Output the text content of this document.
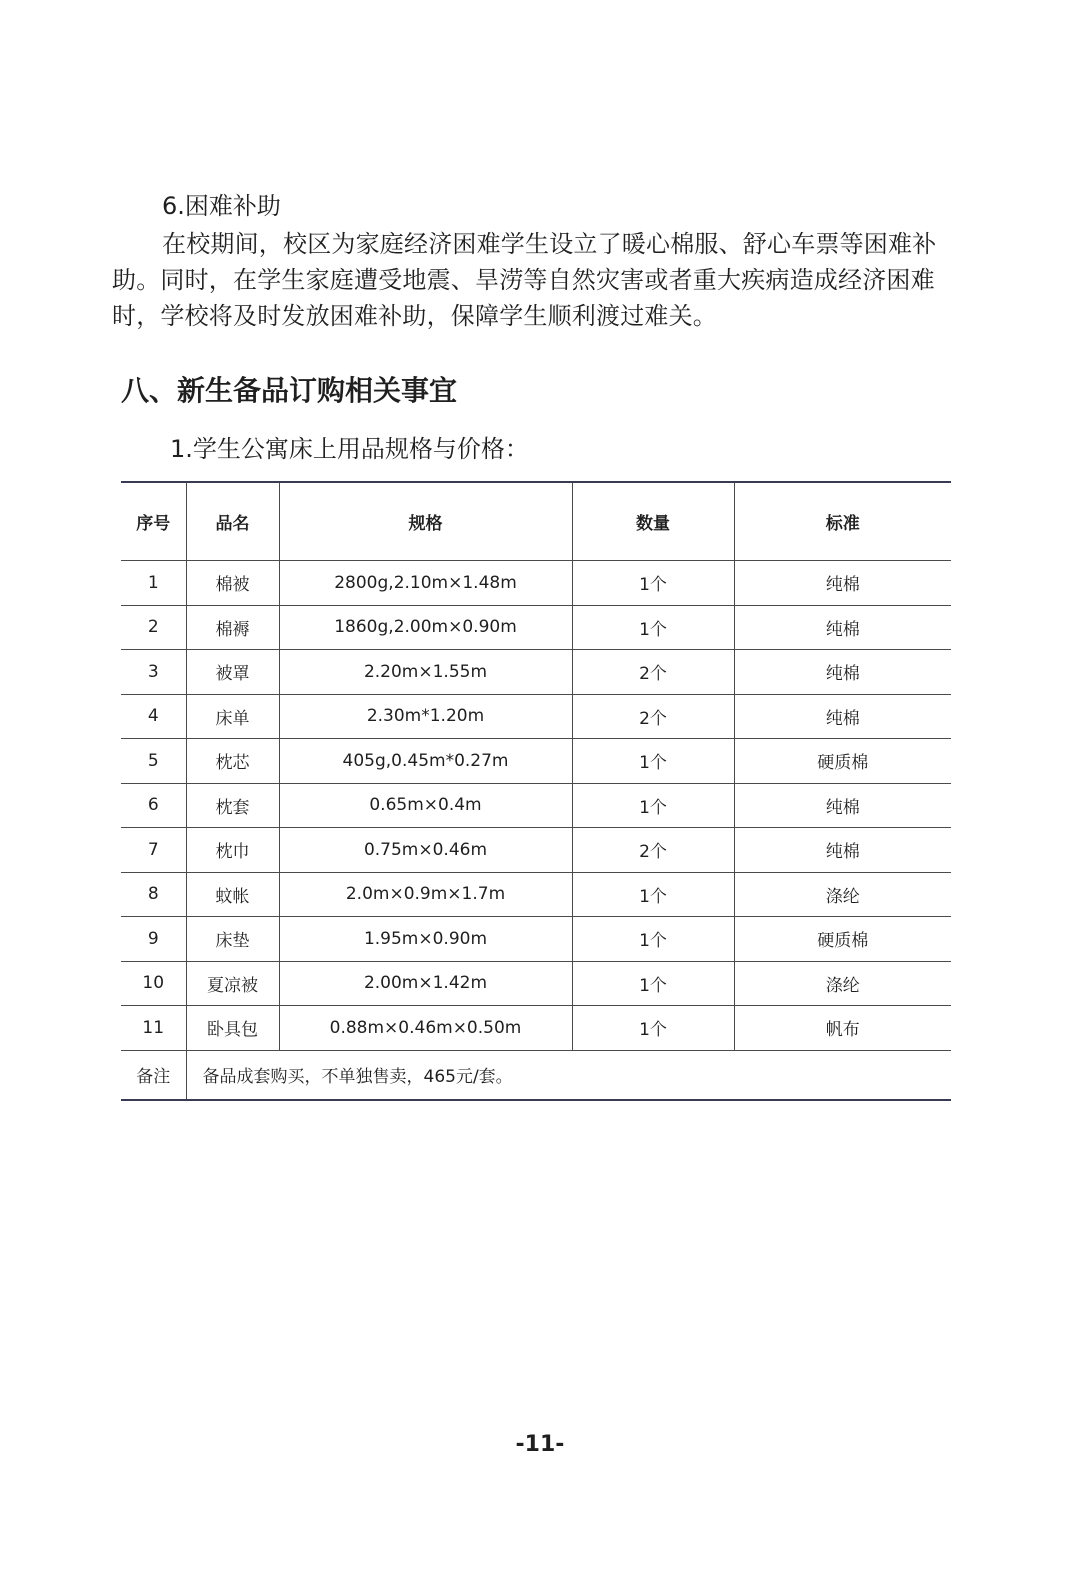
6.困难补助

在校期间，校区为家庭经济困难学生设立了暖心棉服、舒心车票等困难补助。同时，在学生家庭遭受地震、旱涝等自然灾害或者重大疾病造成经济困难时，学校将及时发放困难补助，保障学生顺利渡过难关。

八、新生备品订购相关事宜
1.学生公寓床上用品规格与价格：
序号	品名	规格	数量	标准
1	棉被	2800g,2.10m×1.48m	1个	纯棉
2	棉褥	1860g,2.00m×0.90m	1个	纯棉
3	被罩	2.20m×1.55m	2个	纯棉
4	床单	2.30m*1.20m	2个	纯棉
5	枕芯	405g,0.45m*0.27m	1个	硬质棉
6	枕套	0.65m×0.4m	1个	纯棉
7	枕巾	0.75m×0.46m	2个	纯棉
8	蚊帐	2.0m×0.9m×1.7m	1个	涤纶
9	床垫	1.95m×0.90m	1个	硬质棉
10	夏凉被	2.00m×1.42m	1个	涤纶
11	卧具包	0.88m×0.46m×0.50m	1个	帆布
备注	备品成套购买，不单独售卖，465元/套。			
-11-
